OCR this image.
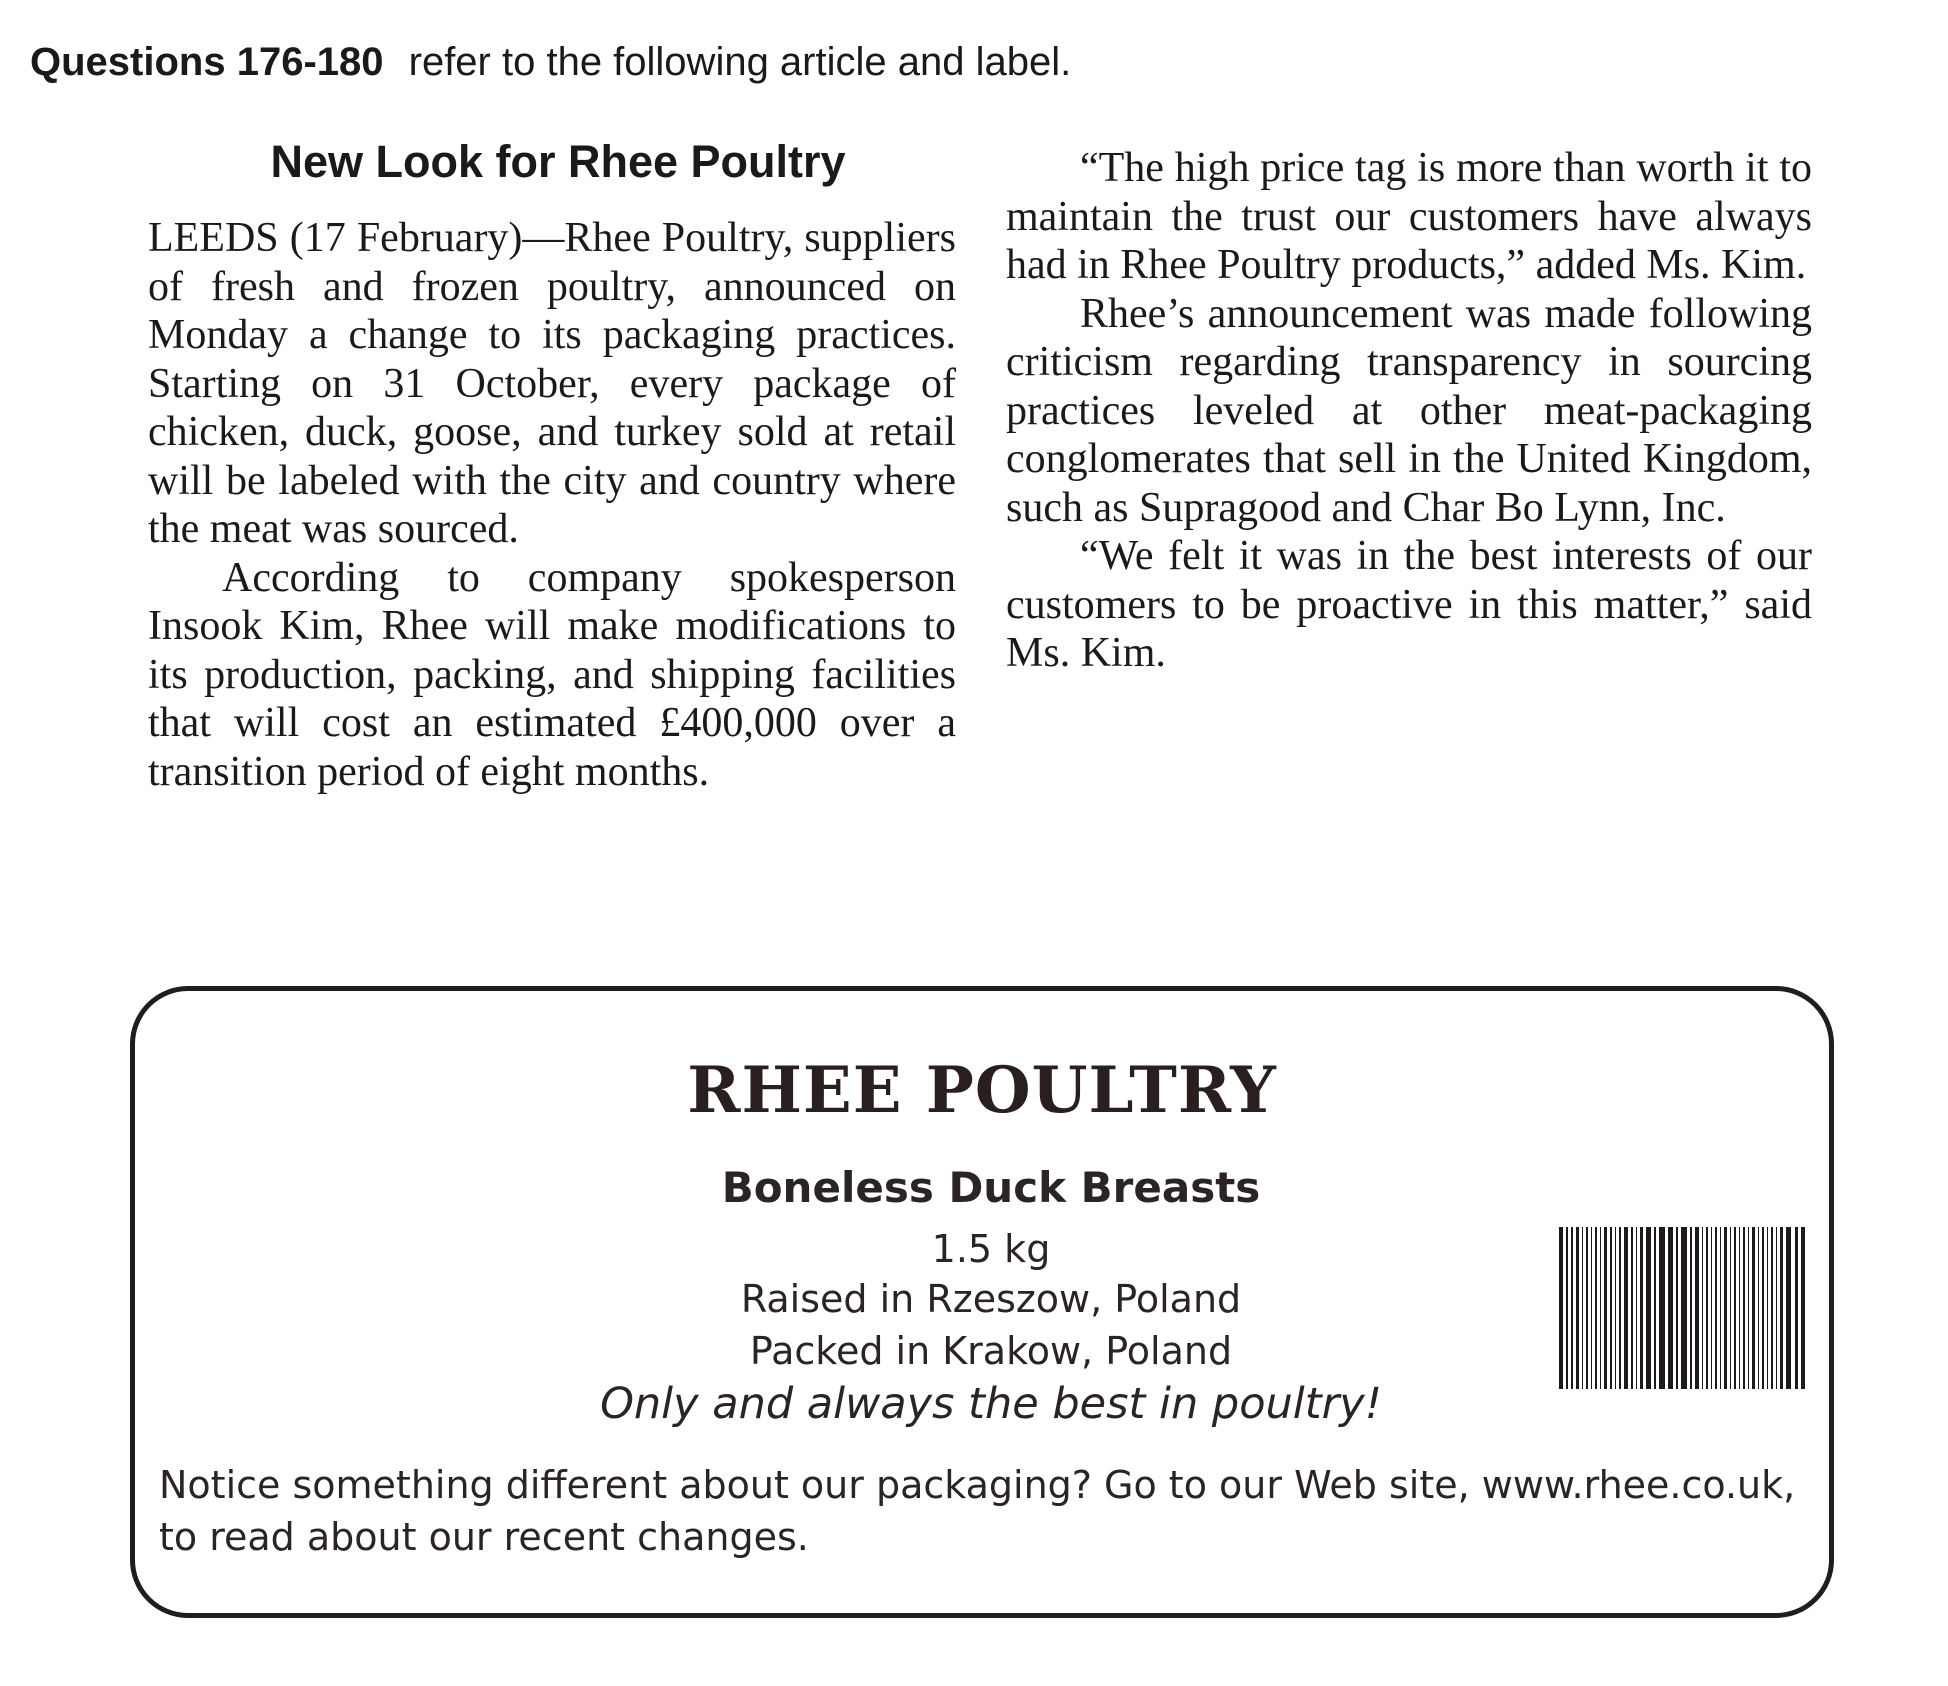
Questions 176-180 refer to the following article and label.
New Look for Rhee Poultry

LEEDS (17 February)—Rhee Poultry, suppliers of fresh and frozen poultry, announced on Monday a change to its packaging practices. Starting on 31 October, every package of chicken, duck, goose, and turkey sold at retail will be labeled with the city and country where the meat was sourced.

According to company spokesperson Insook Kim, Rhee will make modifications to its production, packing, and shipping facilities that will cost an estimated £400,000 over a transition period of eight months.

“The high price tag is more than worth it to maintain the trust our customers have always had in Rhee Poultry products,” added Ms. Kim.

Rhee’s announcement was made following criticism regarding transparency in sourcing practices leveled at other meat-packaging conglomerates that sell in the United Kingdom, such as Supragood and Char Bo Lynn, Inc.

“We felt it was in the best interests of our customers to be proactive in this matter,” said Ms. Kim.

RHEE POULTRY
Boneless Duck Breasts
1.5 kg
Raised in Rzeszow, Poland
Packed in Krakow, Poland
Only and always the best in poultry!
Notice something different about our packaging? Go to our Web site, www.rhee.co.uk, to read about our recent changes.
